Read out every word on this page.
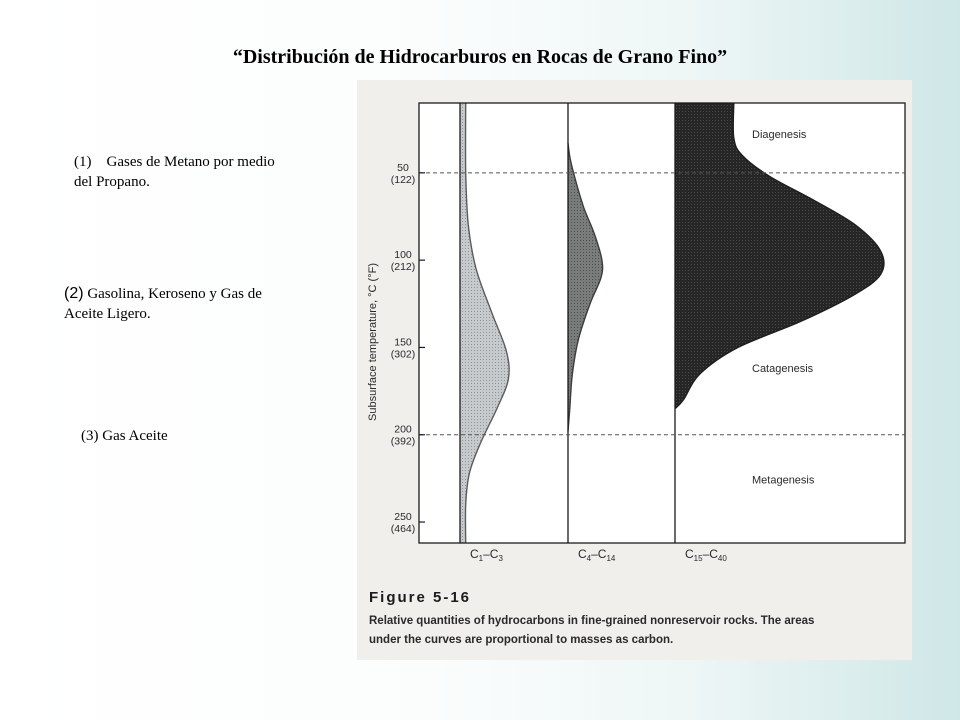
“Distribución de Hidrocarburos en Rocas de Grano Fino”
(1) Gases de Metano por medio del Propano.
(2) Gasolina, Keroseno y Gas de Aceite Ligero.
(3) Gas Aceite
Diagenesis
Catagenesis
Metagenesis
50
(122)
100
(212)
150
(302)
200
(392)
250
(464)
Subsurface temperature, °C (°F)
$C_1-C_3$	$C_4-C_{14}$	$C_{15}-C_{40}$
Figure 5-16
Relative quantities of hydrocarbons in fine-grained nonreservoir rocks. The areas
under the curves are proportional to masses as carbon.
